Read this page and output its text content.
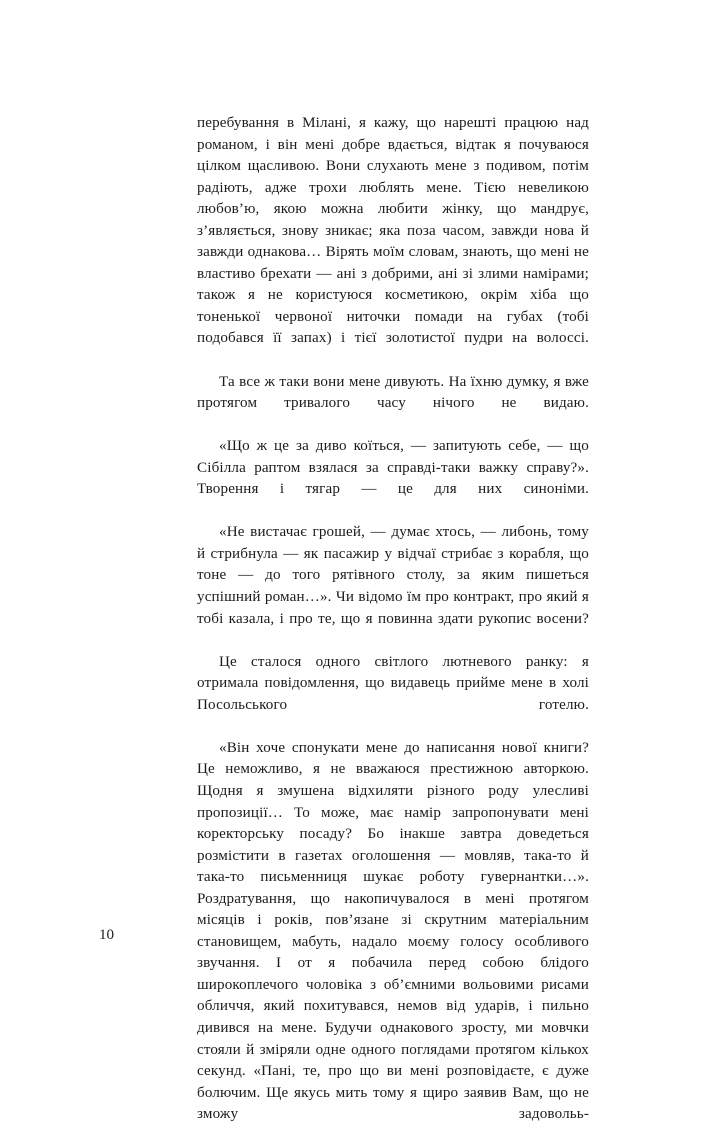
перебування в Мілані, я кажу, що нарешті працюю над романом, і він мені добре вдається, відтак я почуваюся цілком щасливою. Вони слухають мене з подивом, потім радіють, адже трохи люблять мене. Тією невеликою любов’ю, якою можна любити жінку, що мандрує, з’являється, знову зникає; яка поза часом, завжди нова й завжди однакова… Вірять моїм словам, знають, що мені не властиво брехати — ані з добрими, ані зі злими намірами; також я не користуюся косметикою, окрім хіба що тоненької червоної ниточки помади на губах (тобі подобався її запах) і тієї золотистої пудри на волоссі.

Та все ж таки вони мене дивують. На їхню думку, я вже протягом тривалого часу нічого не видаю.

«Що ж це за диво коїться, — запитують себе, — що Сібілла раптом взялася за справді-таки важку справу?». Творення і тягар — це для них синоніми.

«Не вистачає грошей, — думає хтось, — либонь, тому й стрибнула — як пасажир у відчаї стрибає з корабля, що тоне — до того рятівного столу, за яким пишеться успішний роман…». Чи відомо їм про контракт, про який я тобі казала, і про те, що я повинна здати рукопис восени?

Це сталося одного світлого лютневого ранку: я отримала повідомлення, що видавець прийме мене в холі Посольського готелю.

«Він хоче спонукати мене до написання нової книги? Це неможливо, я не вважаюся престижною авторкою. Щодня я змушена відхиляти різного роду улесливі пропозиції… То може, має намір запропонувати мені коректорську посаду? Бо інакше завтра доведеться розмістити в газетах оголошення — мовляв, така-то й така-то письменниця шукає роботу гувернантки…». Роздратування, що накопичувалося в мені протягом місяців і років, пов’язане зі скрутним матеріальним становищем, мабуть, надало моєму голосу особливого звучання. І от я побачила перед собою блідого широкоплечого чоловіка з об’ємними вольовими рисами обличчя, який похитувався, немов від ударів, і пильно дивився на мене. Будучи однакового зросту, ми мовчки стояли й зміряли одне одного поглядами протягом кількох секунд. «Пані, те, про що ви мені розповідаєте, є дуже болючим. Ще якусь мить тому я щиро заявив Вам, що не зможу задовольь-

10
